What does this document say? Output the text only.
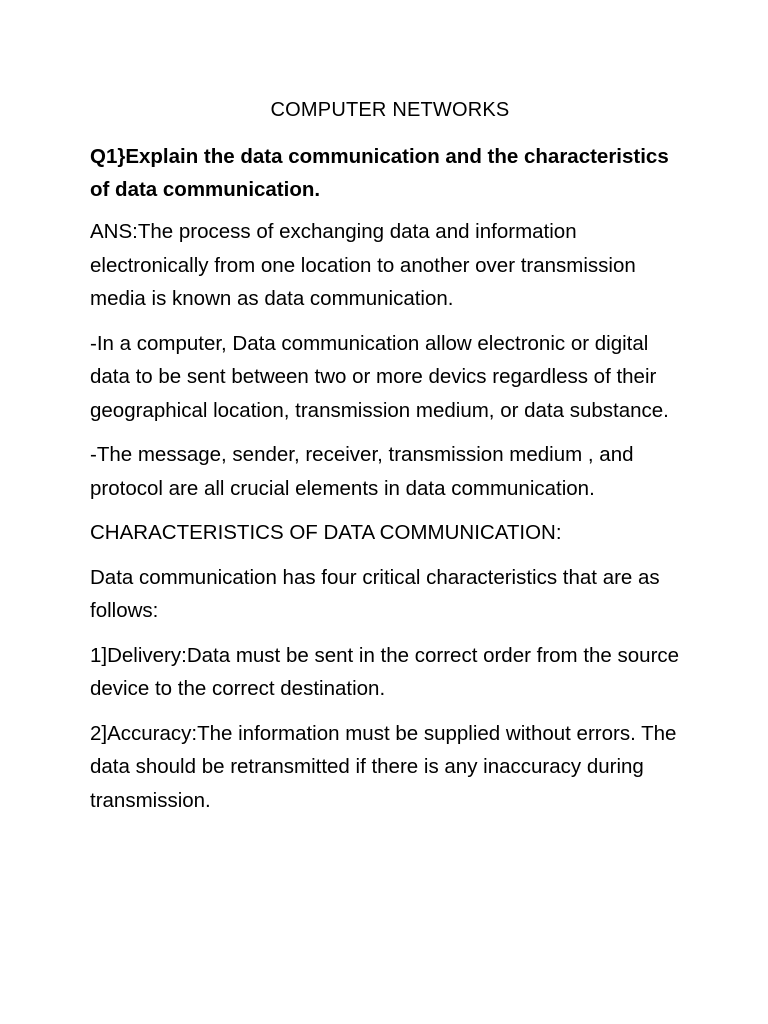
COMPUTER NETWORKS
Q1}Explain the data communication and the characteristics of data communication.

ANS:The process of exchanging data and information electronically from one location to another over transmission media is known as data communication.

-In a computer, Data communication allow electronic or digital data to be sent between two or more devics regardless of their geographical location, transmission medium, or data substance.

-The message, sender, receiver, transmission medium , and protocol are all crucial elements in data communication.

CHARACTERISTICS OF DATA COMMUNICATION:

Data communication has four critical characteristics that are as follows:

1]Delivery:Data must be sent in the correct order from the source device to the correct destination.

2]Accuracy:The information must be supplied without errors. The data should be retransmitted if there is any inaccuracy during transmission.
